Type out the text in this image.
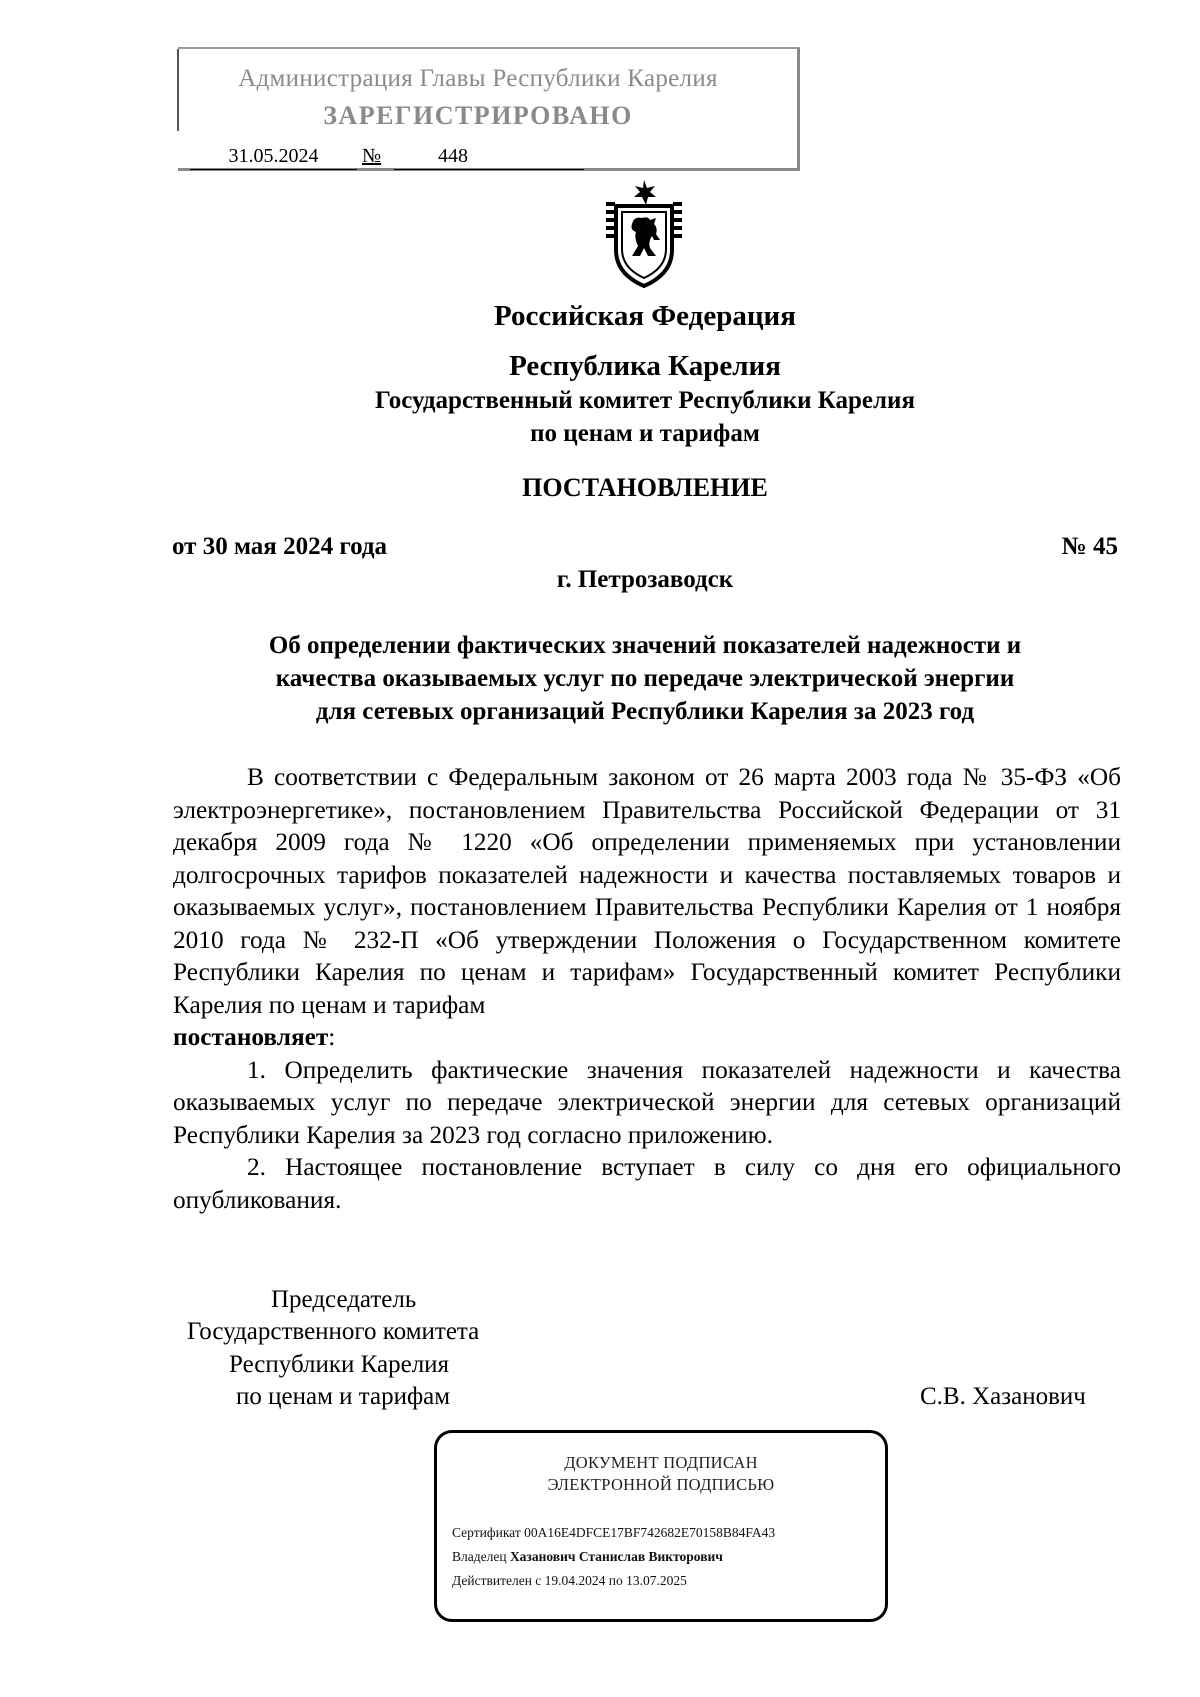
Администрация Главы Республики Карелия
ЗАРЕГИСТРИРОВАНО
31.05.2024	№	448
Российская Федерация
Республика Карелия
Государственный комитет Республики Карелия
по ценам и тарифам
ПОСТАНОВЛЕНИЕ
от 30 мая 2024 года	№ 45
г. Петрозаводск
Об определении фактических значений показателей надежности и
качества оказываемых услуг по передаче электрической энергии
для сетевых организаций Республики Карелия за 2023 год

В соответствии с Федеральным законом от 26 марта 2003 года № 35-ФЗ «Об электроэнергетике», постановлением Правительства Российской Федерации от 31 декабря 2009 года № 1220 «Об определении применяемых при установлении долгосрочных тарифов показателей надежности и качества поставляемых товаров и оказываемых услуг», постановлением Правительства Республики Карелия от 1 ноября 2010 года № 232-П «Об утверждении Положения о Государственном комитете Республики Карелия по ценам и тарифам» Государственный комитет Республики Карелия по ценам и тарифам
постановляет:

1. Определить фактические значения показателей надежности и качества оказываемых услуг по передаче электрической энергии для сетевых организаций Республики Карелия за 2023 год согласно приложению.

2. Настоящее постановление вступает в силу со дня его официального опубликования.

Председатель
Государственного комитета
Республики Карелия
по ценам и тарифам	С.В. Хазанович
ДОКУМЕНТ ПОДПИСАН
ЭЛЕКТРОННОЙ ПОДПИСЬЮ
Сертификат 00A16E4DFCE17BF742682E70158B84FA43
Владелец Хазанович Станислав Викторович
Действителен с 19.04.2024 по 13.07.2025
